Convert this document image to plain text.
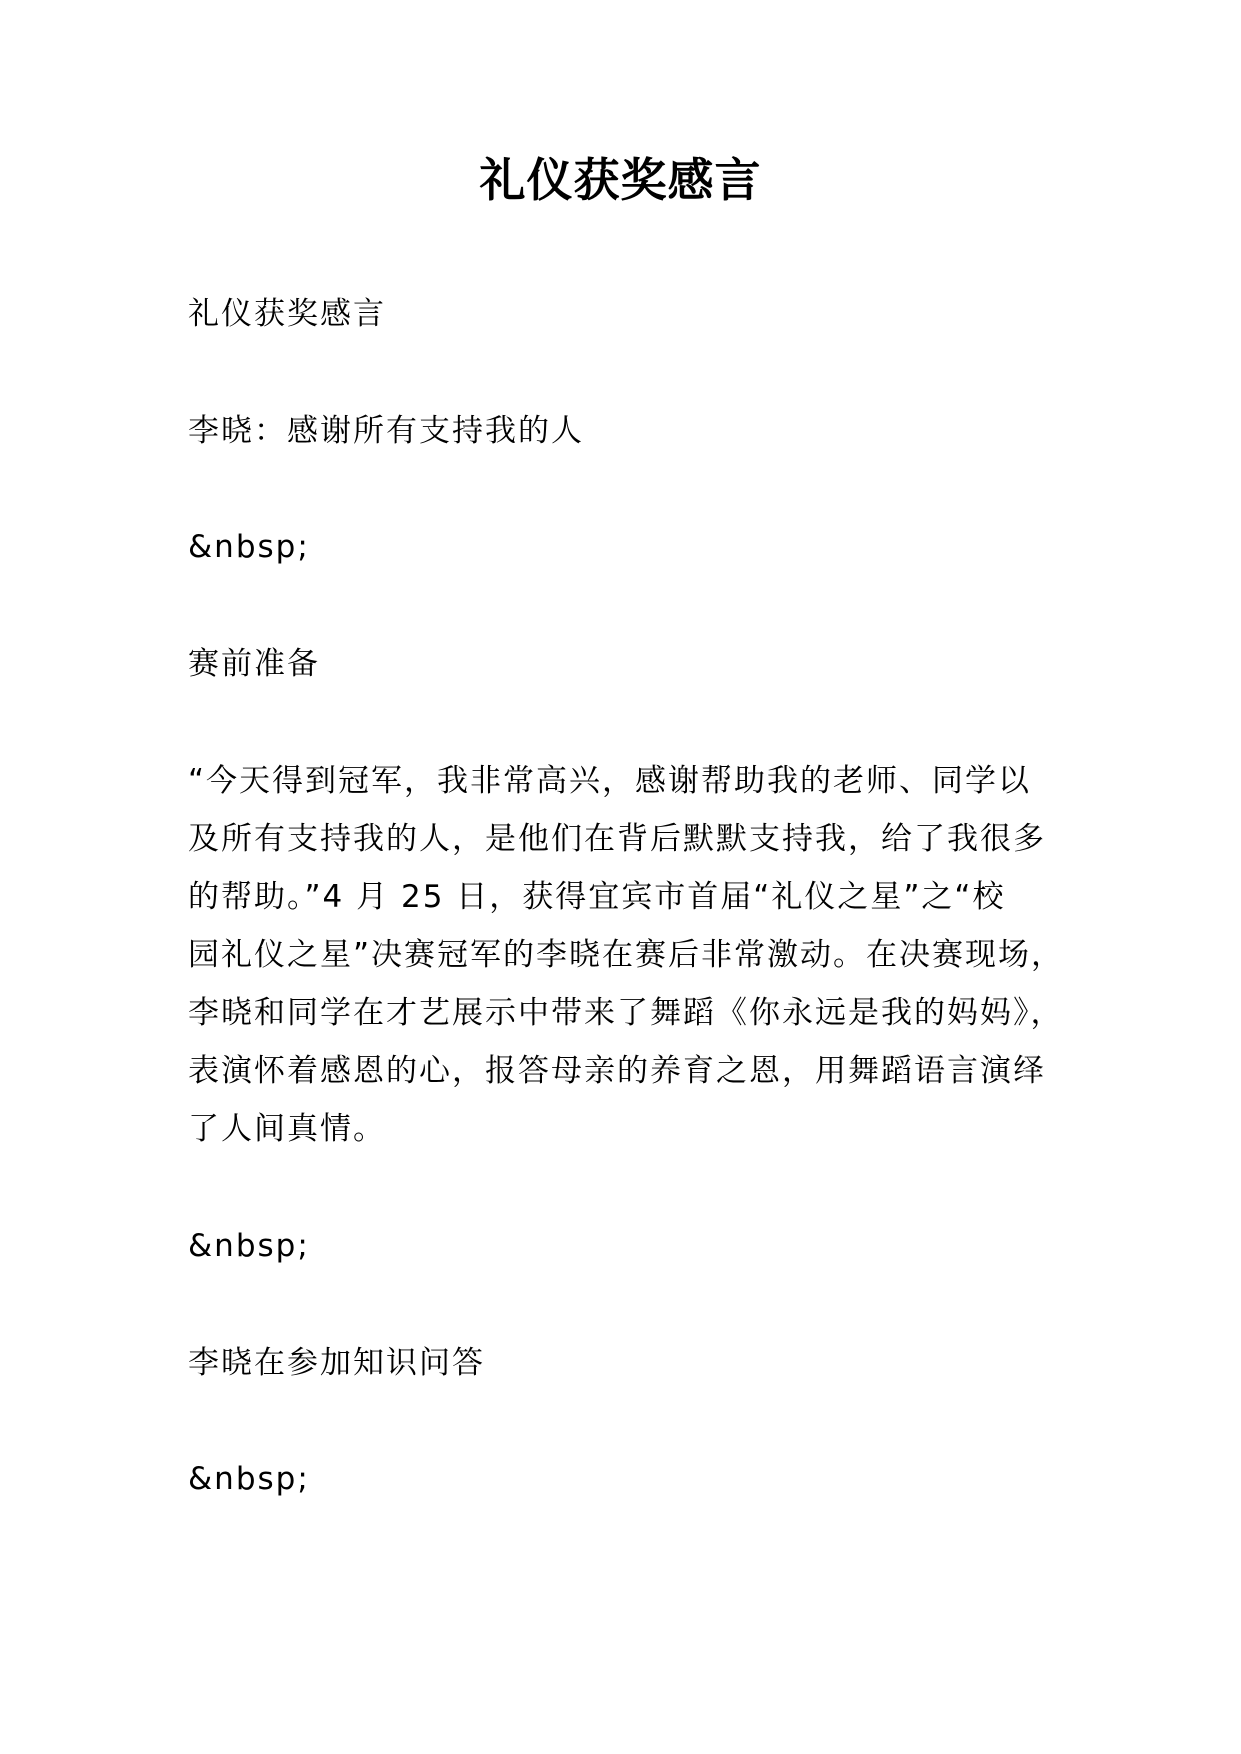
礼仪获奖感言

礼仪获奖感言

李晓：感谢所有支持我的人

&nbsp;

赛前准备

“今天得到冠军，我非常高兴，感谢帮助我的老师、同学以
及所有支持我的人，是他们在背后默默支持我，给了我很多
的帮助。”4 月 25 日，获得宜宾市首届“礼仪之星”之“校
园礼仪之星”决赛冠军的李晓在赛后非常激动。在决赛现场，
李晓和同学在才艺展示中带来了舞蹈《你永远是我的妈妈》，
表演怀着感恩的心，报答母亲的养育之恩，用舞蹈语言演绎
了人间真情。

&nbsp;

李晓在参加知识问答

&nbsp;
